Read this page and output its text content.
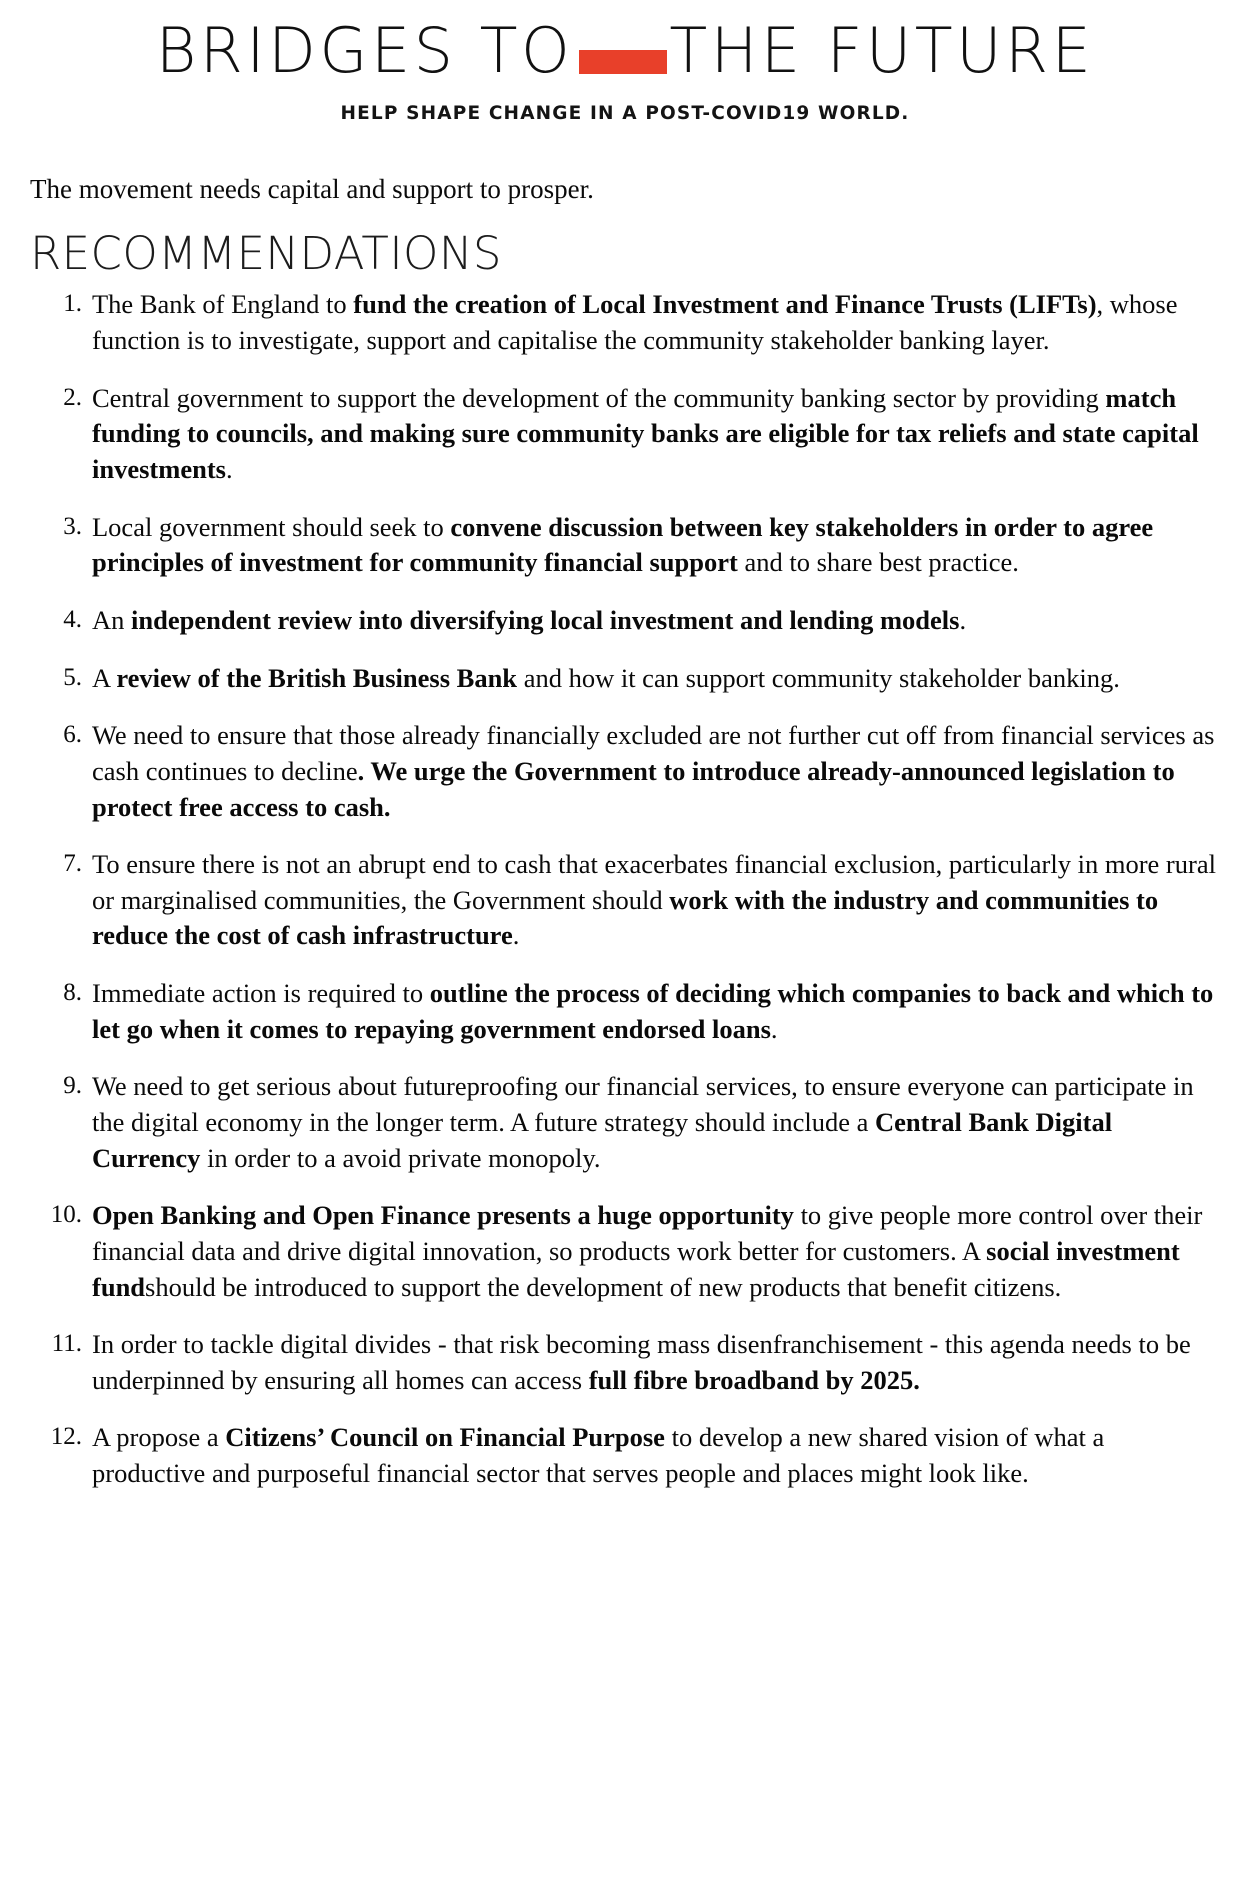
BRIDGES TO THE FUTURE
HELP SHAPE CHANGE IN A POST-COVID19 WORLD.

The movement needs capital and support to prosper.

RECOMMENDATIONS
The Bank of England to fund the creation of Local Investment and Finance Trusts (LIFTs), whose function is to investigate, support and capitalise the community stakeholder banking layer.
Central government to support the development of the community banking sector by providing match funding to councils, and making sure community banks are eligible for tax reliefs and state capital investments.
Local government should seek to convene discussion between key stakeholders in order to agree principles of investment for community financial support and to share best practice.
An independent review into diversifying local investment and lending models.
A review of the British Business Bank and how it can support community stakeholder banking.
We need to ensure that those already financially excluded are not further cut off from financial services as cash continues to decline. We urge the Government to introduce already-announced legislation to protect free access to cash.
To ensure there is not an abrupt end to cash that exacerbates financial exclusion, particularly in more rural or marginalised communities, the Government should work with the industry and communities to reduce the cost of cash infrastructure.
Immediate action is required to outline the process of deciding which companies to back and which to let go when it comes to repaying government endorsed loans.
We need to get serious about futureproofing our financial services, to ensure everyone can participate in the digital economy in the longer term. A future strategy should include a Central Bank Digital Currency in order to a avoid private monopoly.
Open Banking and Open Finance presents a huge opportunity to give people more control over their financial data and drive digital innovation, so products work better for customers. A social investment fundshould be introduced to support the development of new products that benefit citizens.
In order to tackle digital divides - that risk becoming mass disenfranchisement - this agenda needs to be underpinned by ensuring all homes can access full fibre broadband by 2025.
A propose a Citizens’ Council on Financial Purpose to develop a new shared vision of what a productive and purposeful financial sector that serves people and places might look like.
